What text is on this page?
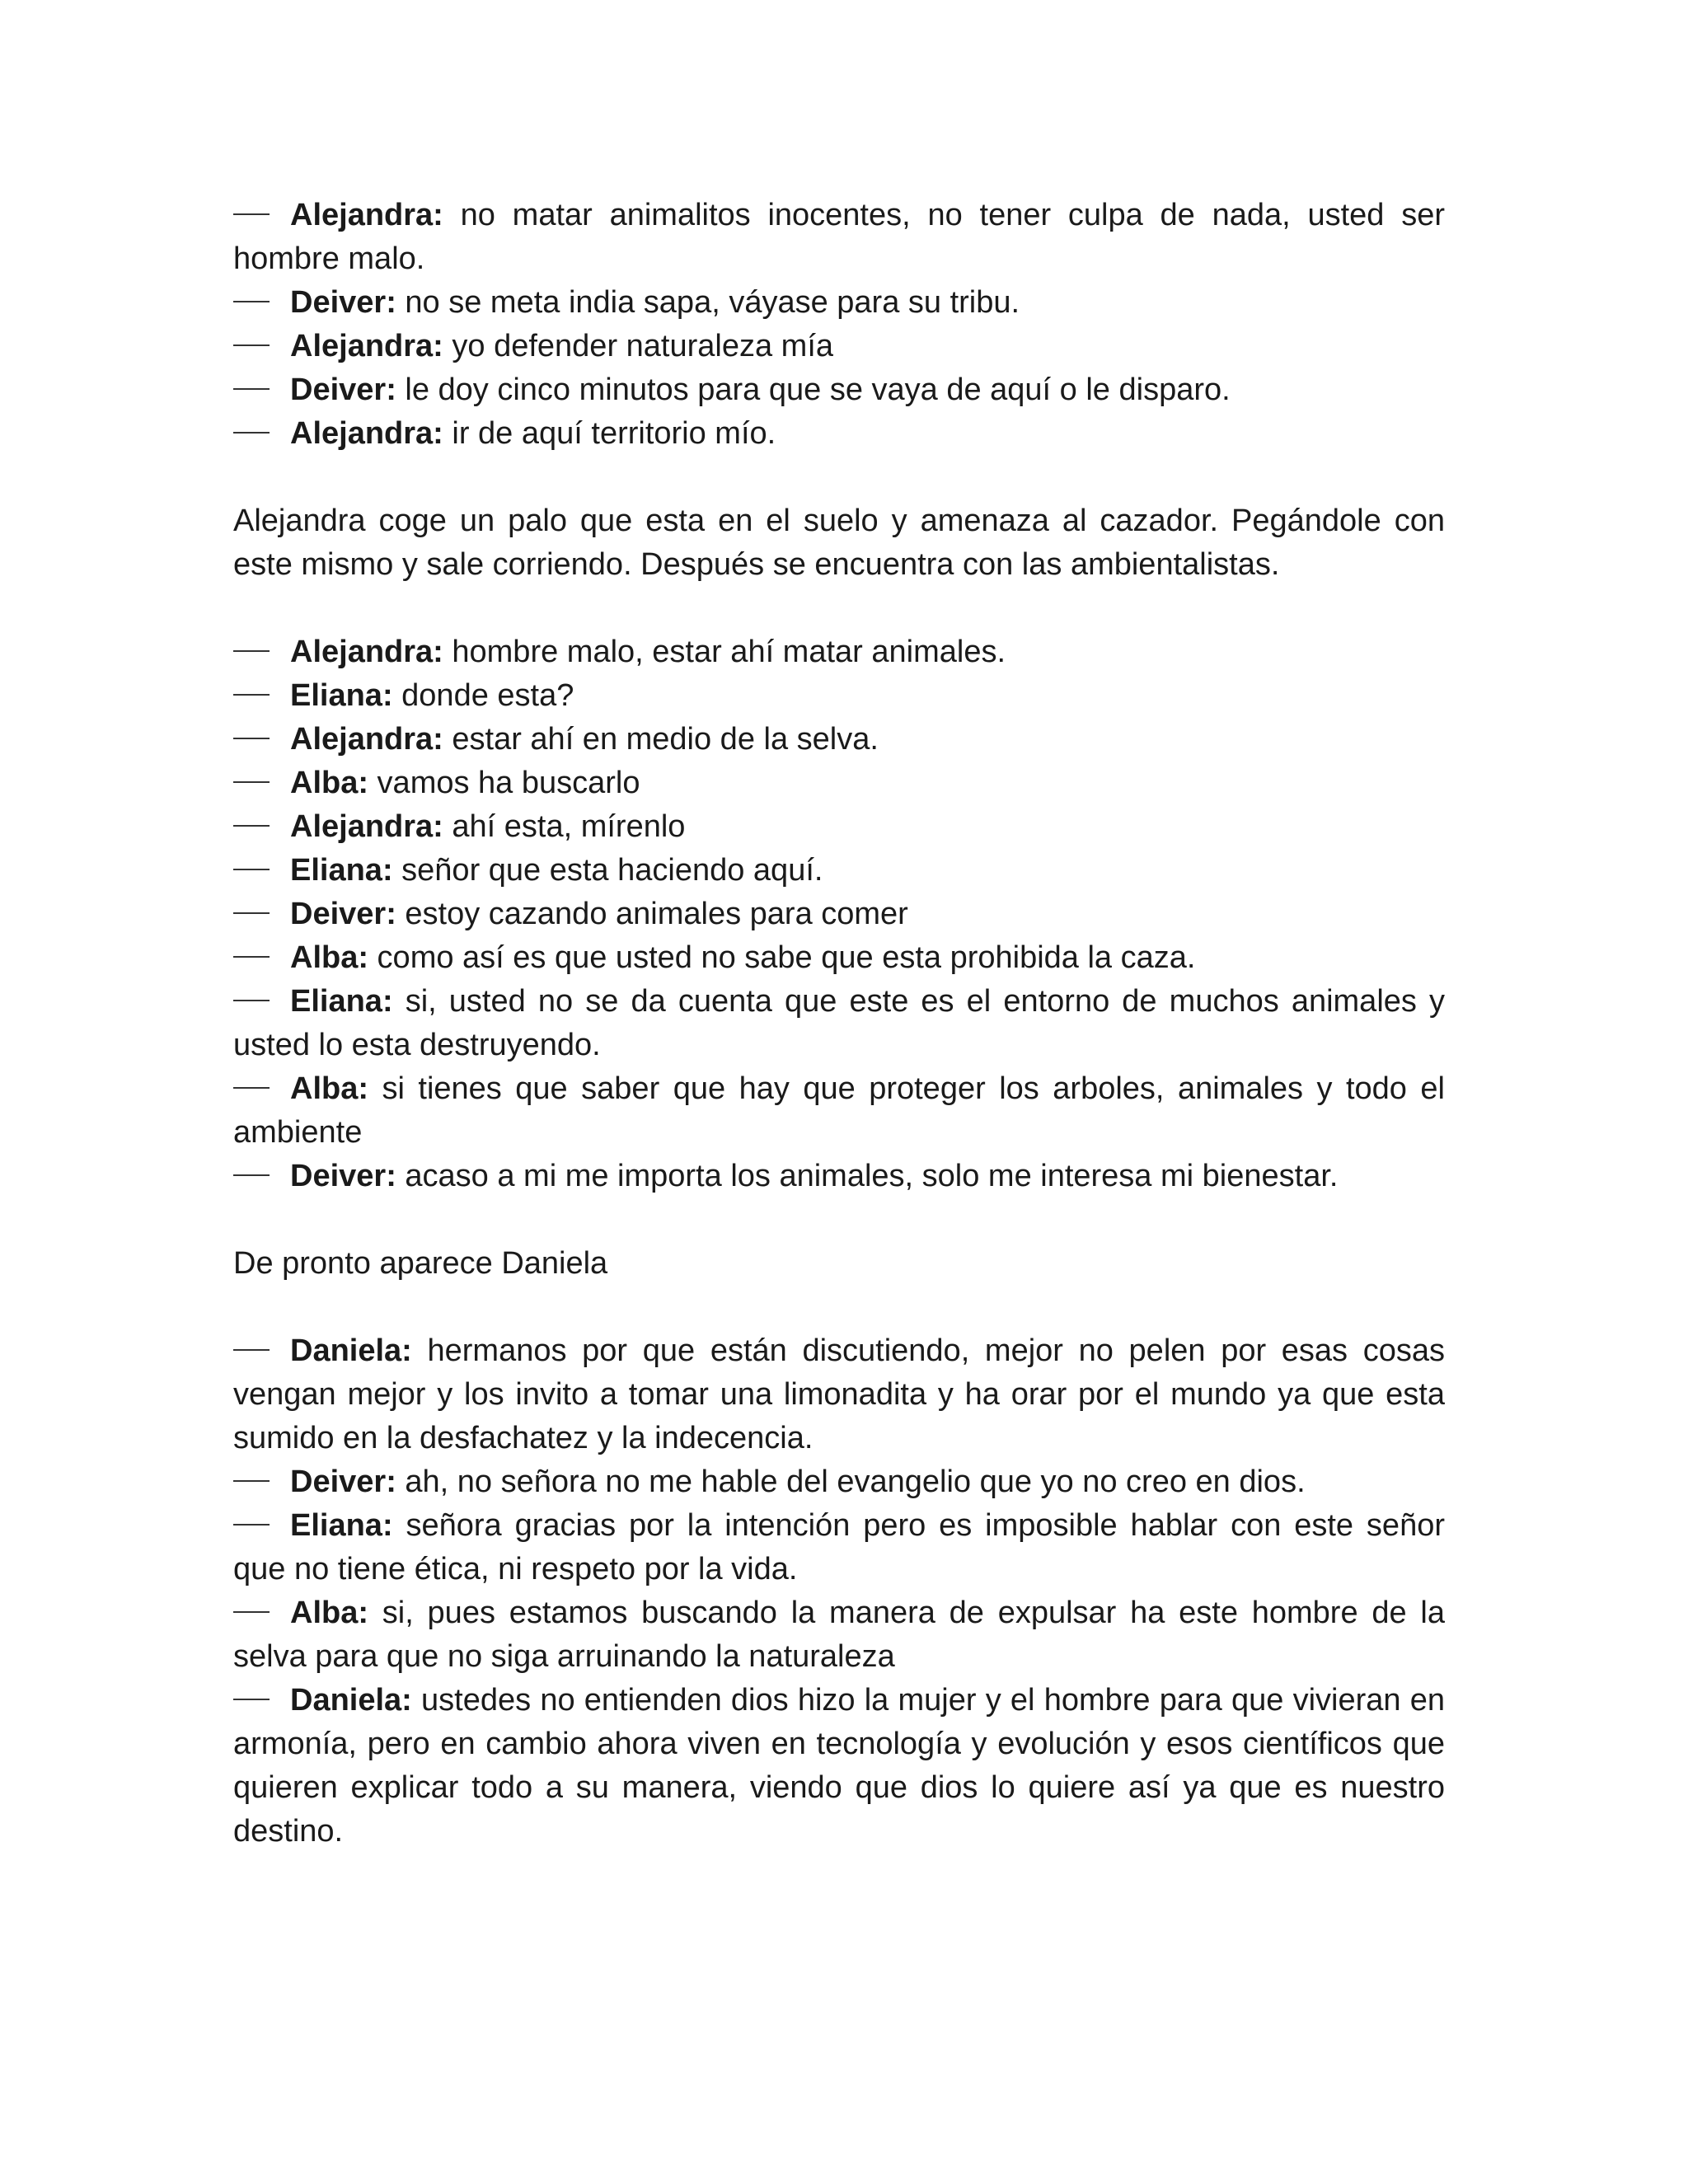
Alejandra: no matar animalitos inocentes, no tener culpa de nada, usted ser hombre malo.

Deiver: no se meta india sapa, váyase para su tribu.

Alejandra: yo defender naturaleza mía

Deiver: le doy cinco minutos para que se vaya de aquí o le disparo.

Alejandra: ir de aquí territorio mío.

Alejandra coge un palo que esta en el suelo y amenaza al cazador. Pegándole con este mismo y sale corriendo. Después se encuentra con las ambientalistas.

Alejandra: hombre malo, estar ahí matar animales.

Eliana: donde esta?

Alejandra: estar ahí en medio de la selva.

Alba: vamos ha buscarlo

Alejandra: ahí esta, mírenlo

Eliana: señor que esta haciendo aquí.

Deiver: estoy cazando animales para comer

Alba: como así es que usted no sabe que esta prohibida la caza.

Eliana: si, usted no se da cuenta que este es el entorno de muchos animales y usted lo esta destruyendo.

Alba: si tienes que saber que hay que proteger los arboles, animales y todo el ambiente

Deiver: acaso a mi me importa los animales, solo me interesa mi bienestar.

De pronto aparece Daniela

Daniela: hermanos por que están discutiendo, mejor no pelen por esas cosas vengan mejor y los invito a tomar una limonadita y ha orar por el mundo ya que esta sumido en la desfachatez y la indecencia.

Deiver: ah, no señora no me hable del evangelio que yo no creo en dios.

Eliana: señora gracias por la intención pero es imposible hablar con este señor que no tiene ética, ni respeto por la vida.

Alba: si, pues estamos buscando la manera de expulsar ha este hombre de la selva para que no siga arruinando la naturaleza

Daniela: ustedes no entienden dios hizo la mujer y el hombre para que vivieran en armonía, pero en cambio ahora viven en tecnología y evolución y esos científicos que quieren explicar todo a su manera, viendo que dios lo quiere así ya que es nuestro destino.
